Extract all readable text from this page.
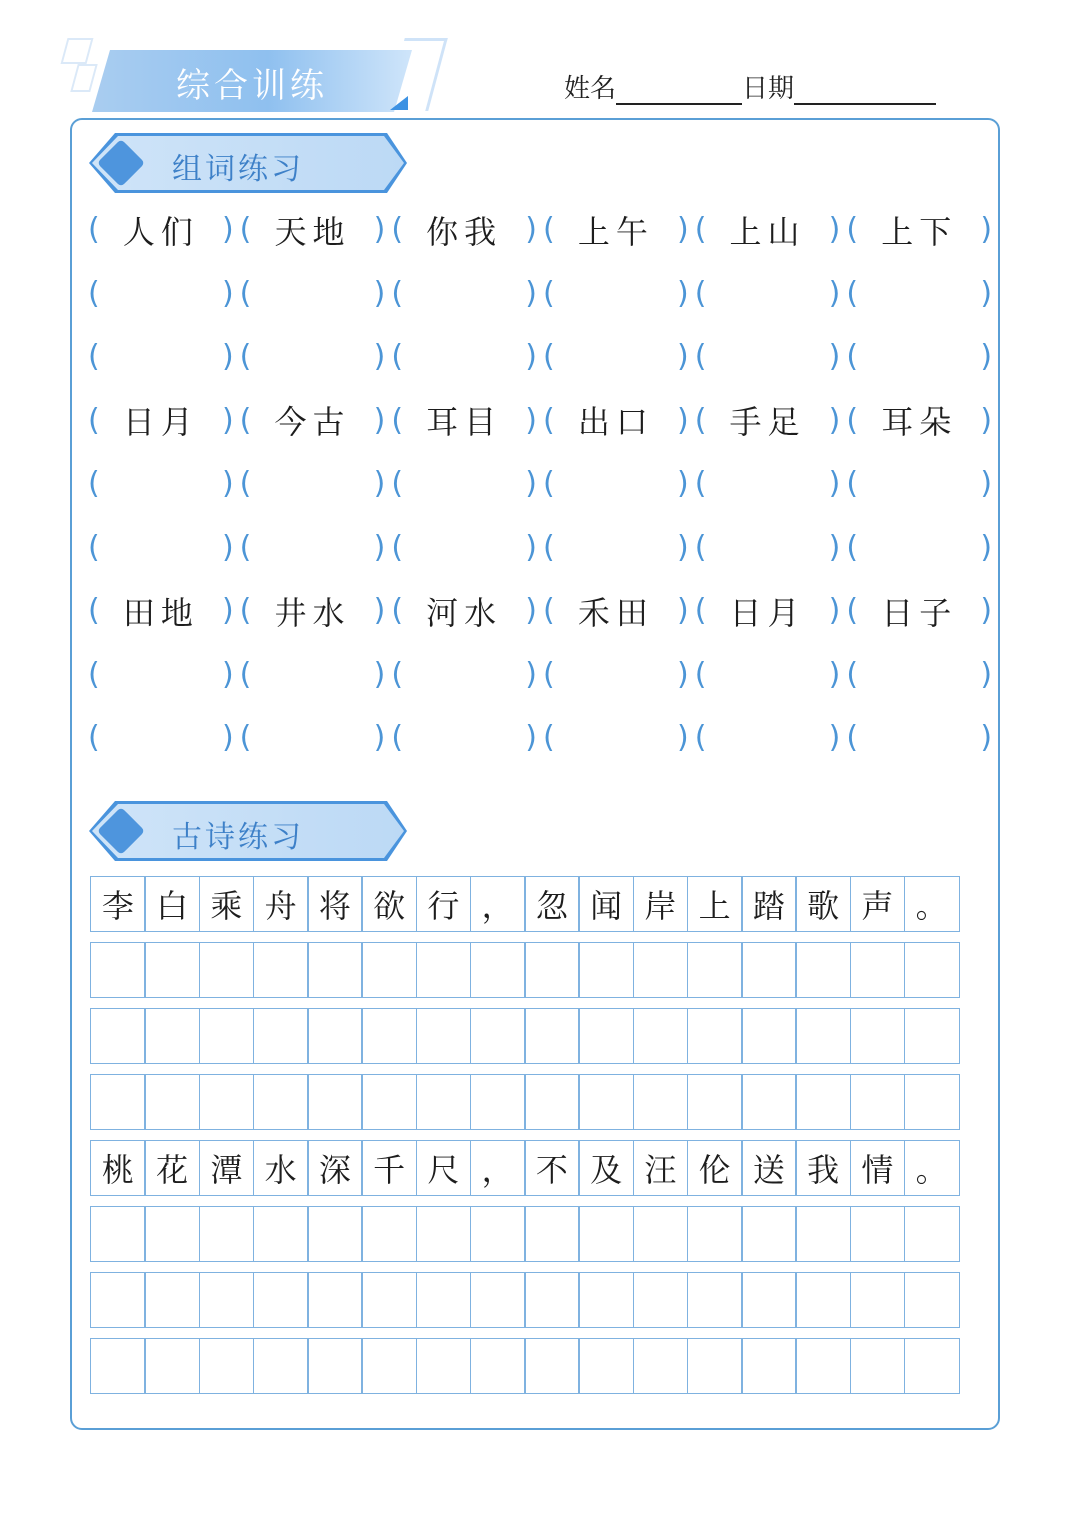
综合训练	姓名	日期
组词练习
( 人们 ) ( 天地 ) ( 你我 ) ( 上午 ) ( 上山 ) ( 上下 )
(	) (	) (	) (	) (	) (	)
(	) (	) (	) (	) (	) (	)
( 日月 ) ( 今古 ) ( 耳目 ) ( 出口 ) ( 手足 ) ( 耳朵 )
(	) (	) (	) (	) (	) (	)
(	) (	) (	) (	) (	) (	)
( 田地 ) ( 井水 ) ( 河水 ) ( 禾田 ) ( 日月 ) ( 日子 )
(	) (	) (	) (	) (	) (	)
(	) (	) (	) (	) (	) (	)
古诗练习
李 白 乘 舟 将 欲 行 ， 忽 闻 岸 上 踏 歌 声 。
桃 花 潭 水 深 千 尺 ， 不 及 汪 伦 送 我 情 。
